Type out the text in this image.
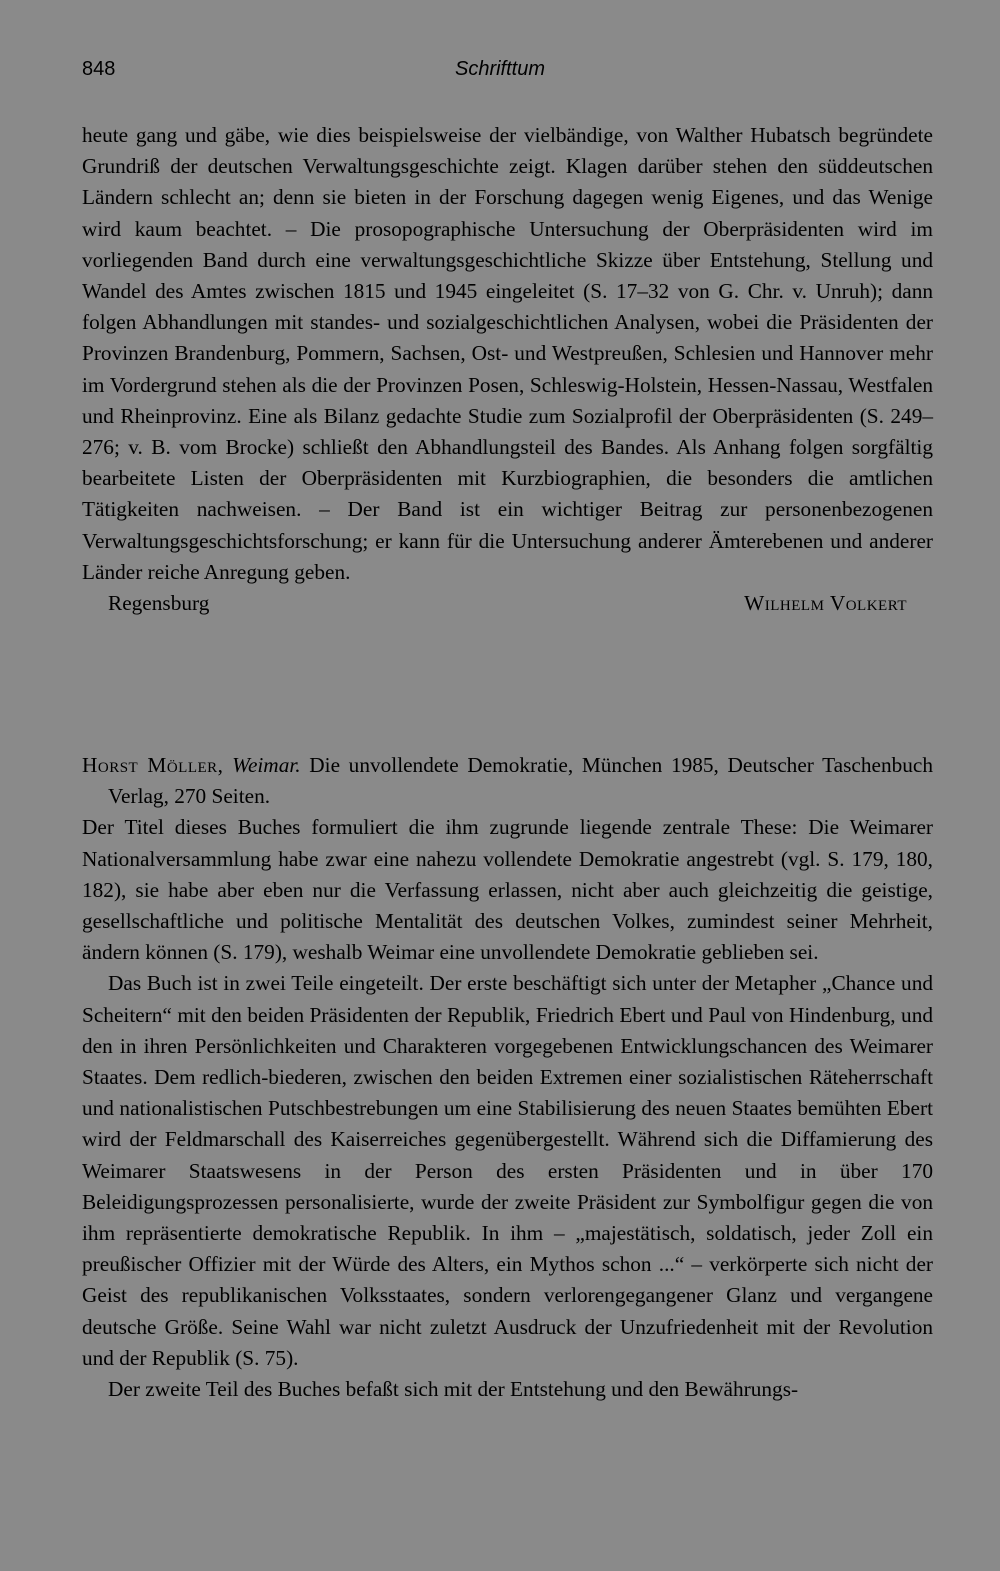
848	Schrifttum

heute gang und gäbe, wie dies beispielsweise der vielbändige, von Walther Hubatsch begründete Grundriß der deutschen Verwaltungsgeschichte zeigt. Klagen darüber stehen den süddeutschen Ländern schlecht an; denn sie bieten in der Forschung dagegen wenig Eigenes, und das Wenige wird kaum beachtet. – Die prosopographische Untersuchung der Oberpräsidenten wird im vorliegenden Band durch eine verwaltungsgeschichtliche Skizze über Entstehung, Stellung und Wandel des Amtes zwischen 1815 und 1945 eingeleitet (S. 17–32 von G. Chr. v. Unruh); dann folgen Abhandlungen mit standes- und sozialgeschichtlichen Analysen, wobei die Präsidenten der Provinzen Brandenburg, Pommern, Sachsen, Ost- und Westpreußen, Schlesien und Hannover mehr im Vordergrund stehen als die der Provinzen Posen, Schleswig-Holstein, Hessen-Nassau, Westfalen und Rheinprovinz. Eine als Bilanz gedachte Studie zum Sozialprofil der Oberpräsidenten (S. 249–276; v. B. vom Brocke) schließt den Abhandlungsteil des Bandes. Als Anhang folgen sorgfältig bearbeitete Listen der Oberpräsidenten mit Kurzbiographien, die besonders die amtlichen Tätigkeiten nachweisen. – Der Band ist ein wichtiger Beitrag zur personenbezogenen Verwaltungsgeschichtsforschung; er kann für die Untersuchung anderer Ämterebenen und anderer Länder reiche Anregung geben.

Regensburg	Wilhelm Volkert

Horst Möller, Weimar. Die unvollendete Demokratie, München 1985, Deutscher Taschenbuch Verlag, 270 Seiten.

Der Titel dieses Buches formuliert die ihm zugrunde liegende zentrale These: Die Weimarer Nationalversammlung habe zwar eine nahezu vollendete Demokratie angestrebt (vgl. S. 179, 180, 182), sie habe aber eben nur die Verfassung erlassen, nicht aber auch gleichzeitig die geistige, gesellschaftliche und politische Mentalität des deutschen Volkes, zumindest seiner Mehrheit, ändern können (S. 179), weshalb Weimar eine unvollendete Demokratie geblieben sei.

Das Buch ist in zwei Teile eingeteilt. Der erste beschäftigt sich unter der Metapher „Chance und Scheitern“ mit den beiden Präsidenten der Republik, Friedrich Ebert und Paul von Hindenburg, und den in ihren Persönlichkeiten und Charakteren vorgegebenen Entwicklungschancen des Weimarer Staates. Dem redlich-biederen, zwischen den beiden Extremen einer sozialistischen Räteherrschaft und nationalistischen Putschbestrebungen um eine Stabilisierung des neuen Staates bemühten Ebert wird der Feldmarschall des Kaiserreiches gegenübergestellt. Während sich die Diffamierung des Weimarer Staatswesens in der Person des ersten Präsidenten und in über 170 Beleidigungsprozessen personalisierte, wurde der zweite Präsident zur Symbolfigur gegen die von ihm repräsentierte demokratische Republik. In ihm – „majestätisch, soldatisch, jeder Zoll ein preußischer Offizier mit der Würde des Alters, ein Mythos schon ...“ – verkörperte sich nicht der Geist des republikanischen Volksstaates, sondern verlorengegangener Glanz und vergangene deutsche Größe. Seine Wahl war nicht zuletzt Ausdruck der Unzufriedenheit mit der Revolution und der Republik (S. 75).

Der zweite Teil des Buches befaßt sich mit der Entstehung und den Bewährungs-
